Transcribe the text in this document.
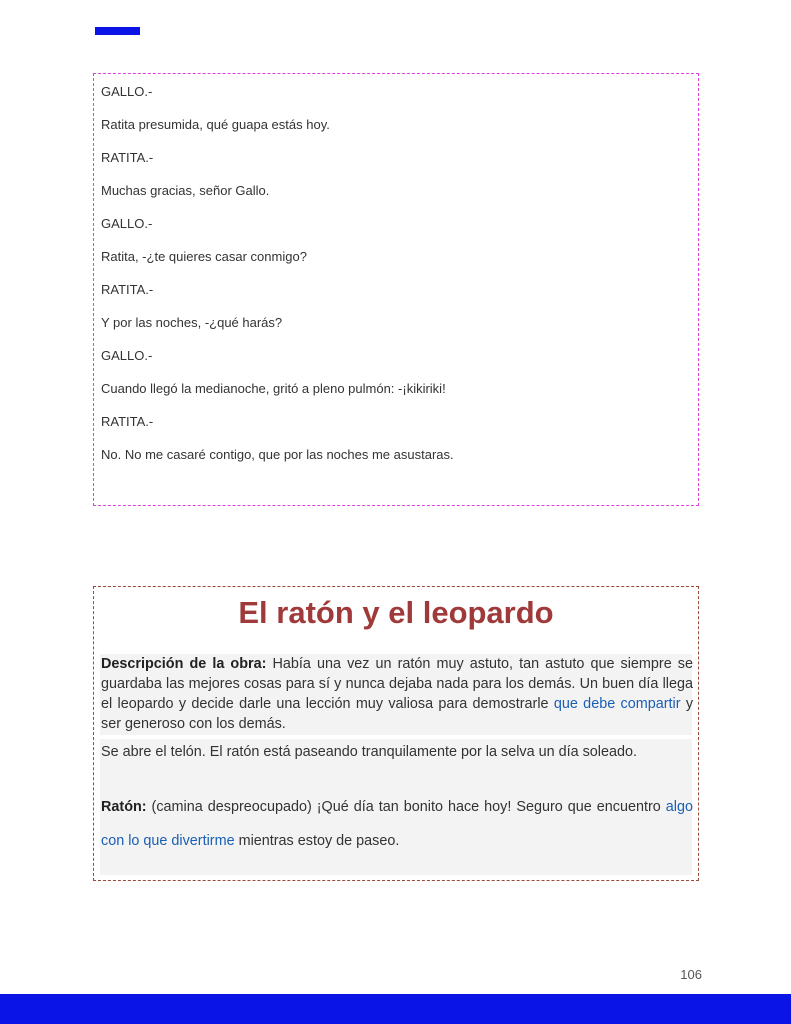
GALLO.-
Ratita presumida, qué guapa estás hoy.
RATITA.-
Muchas gracias, señor Gallo.
GALLO.-
Ratita, -¿te quieres casar conmigo?
RATITA.-
Y por las noches, -¿qué harás?
GALLO.-
Cuando llegó la medianoche, gritó a pleno pulmón: -¡kikiriki!
RATITA.-
No. No me casaré contigo, que por las noches me asustaras.
El ratón y el leopardo
Descripción de la obra: Había una vez un ratón muy astuto, tan astuto que siempre se guardaba las mejores cosas para sí y nunca dejaba nada para los demás. Un buen día llega el leopardo y decide darle una lección muy valiosa para demostrarle que debe compartir y ser generoso con los demás.
Se abre el telón. El ratón está paseando tranquilamente por la selva un día soleado.
Ratón: (camina despreocupado) ¡Qué día tan bonito hace hoy! Seguro que encuentro algo con lo que divertirme mientras estoy de paseo.
106
